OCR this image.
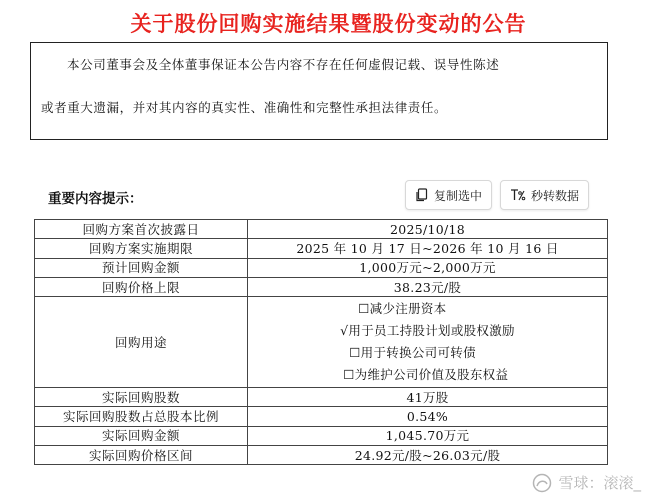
关于股份回购实施结果暨股份变动的公告
本公司董事会及全体董事保证本公告内容不存在任何虚假记载、误导性陈述
或者重大遗漏，并对其内容的真实性、准确性和完整性承担法律责任。
重要内容提示：	复制选中	秒转数据
回购方案首次披露日	2025/10/18
回购方案实施期限	2025 年 10 月 17 日~2026 年 10 月 16 日
预计回购金额	1,000万元~2,000万元
回购价格上限	38.23元/股
回购用途	☐减少注册资本
√用于员工持股计划或股权激励
☐用于转换公司可转债
☐为维护公司价值及股东权益

实际回购股数	41万股
实际回购股数占总股本比例	0.54%
实际回购金额	1,045.70万元
实际回购价格区间	24.92元/股~26.03元/股
雪球：滚滚_
